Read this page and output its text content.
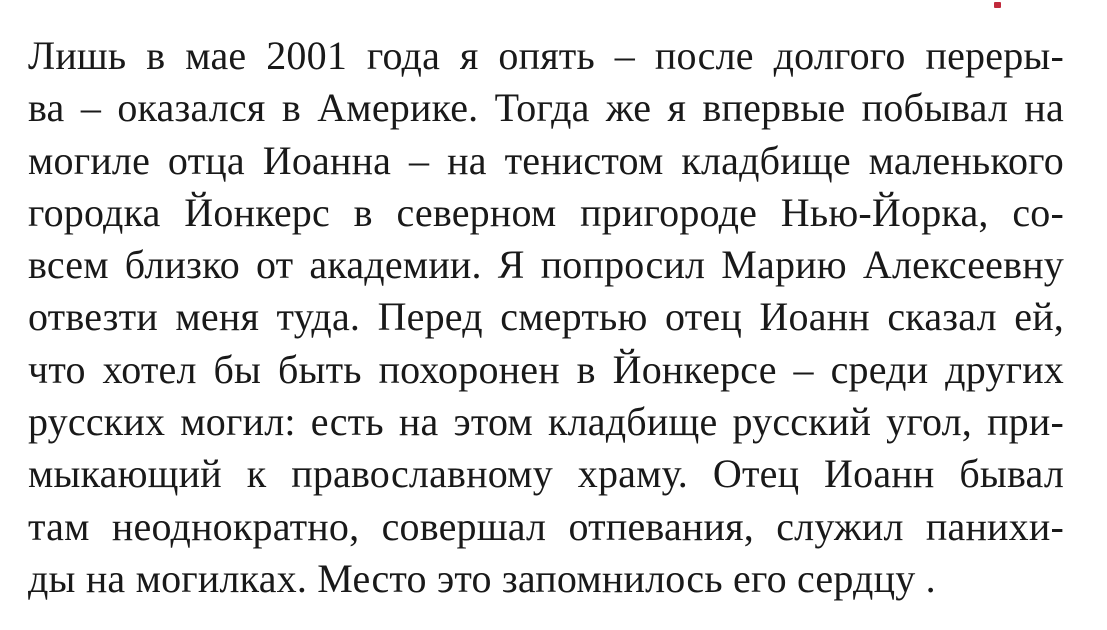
Лишь в мае 2001 года я опять – после долгого переры-
ва – оказался в Америке. Тогда же я впервые побывал на
могиле отца Иоанна – на тенистом кладбище маленького
городка Йонкерс в северном пригороде Нью-Йорка, со-
всем близко от академии. Я попросил Марию Алексеевну
отвезти меня туда. Перед смертью отец Иоанн сказал ей,
что хотел бы быть похоронен в Йонкерсе – среди других
русских могил: есть на этом кладбище русский угол, при-
мыкающий к православному храму. Отец Иоанн бывал
там неоднократно, совершал отпевания, служил панихи-
ды на могилках. Место это запомнилось его сердцу .
